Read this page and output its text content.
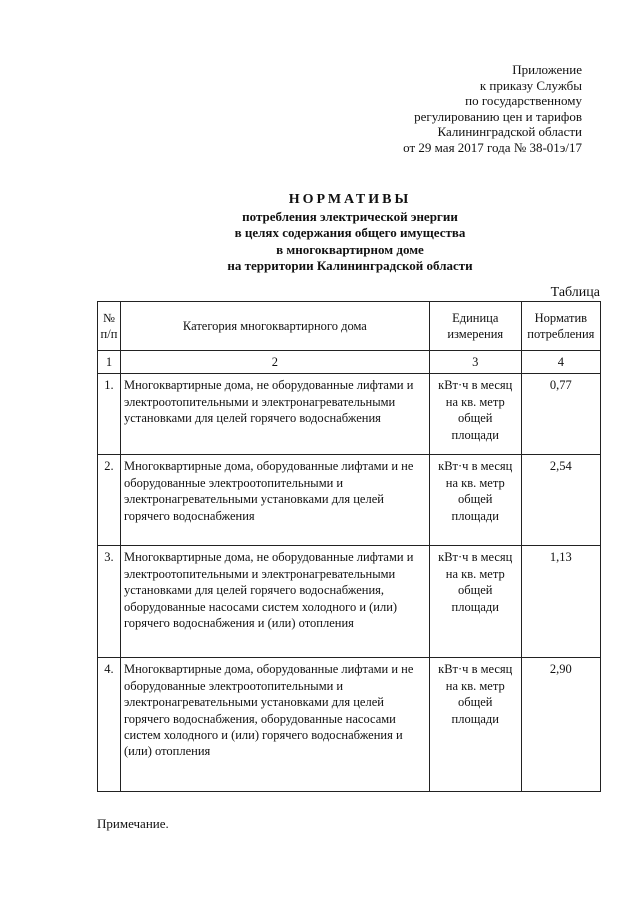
Приложение
к приказу Службы
по государственному
регулированию цен и тарифов
Калининградской области
от 29 мая 2017 года № 38-01э/17
НОРМАТИВЫ
потребления электрической энергии
в целях содержания общего имущества
в многоквартирном доме
на территории Калининградской области
Таблица
№ п/п	Категория многоквартирного дома	Единица измерения	Норматив потребления
1	2	3	4
1.	Многоквартирные дома, не оборудованные лифтами и электроотопительными и электронагревательными установками для целей горячего водоснабжения	кВт·ч в месяц на кв. метр общей площади	0,77
2.	Многоквартирные дома, оборудованные лифтами и не оборудованные электроотопительными и электронагревательными установками для целей горячего водоснабжения	кВт·ч в месяц на кв. метр общей площади	2,54
3.	Многоквартирные дома, не оборудованные лифтами и электроотопительными и электронагревательными установками для целей горячего водоснабжения, оборудованные насосами систем холодного и (или) горячего водоснабжения и (или) отопления	кВт·ч в месяц на кв. метр общей площади	1,13
4.	Многоквартирные дома, оборудованные лифтами и не оборудованные электроотопительными и электронагревательными установками для целей горячего водоснабжения, оборудованные насосами систем холодного и (или) горячего водоснабжения и (или) отопления	кВт·ч в месяц на кв. метр общей площади	2,90
Примечание.
